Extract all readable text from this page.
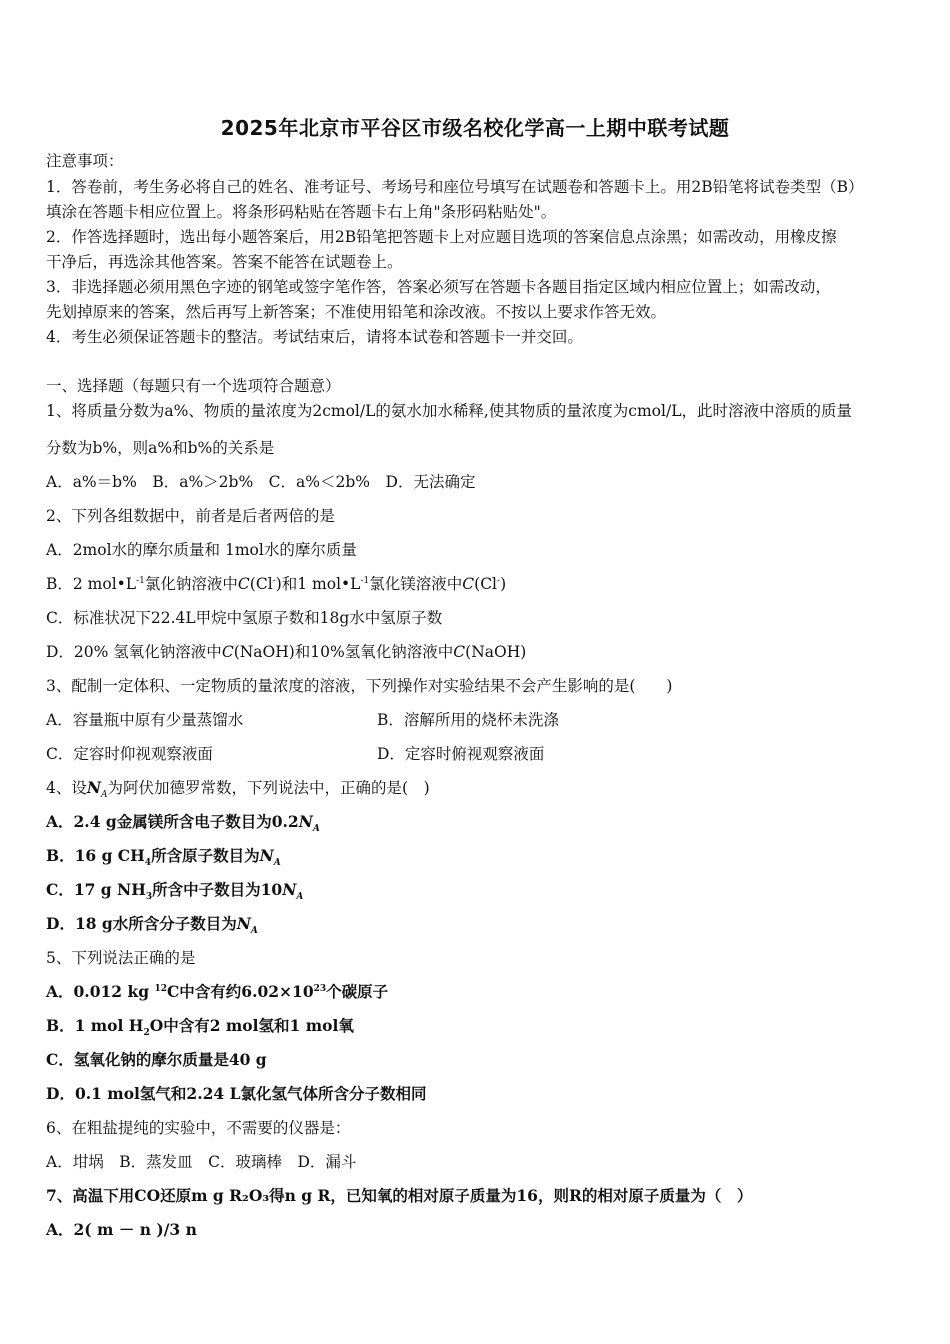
2025年北京市平谷区市级名校化学高一上期中联考试题
注意事项：
1．答卷前，考生务必将自己的姓名、准考证号、考场号和座位号填写在试题卷和答题卡上。用2B铅笔将试卷类型（B）
填涂在答题卡相应位置上。将条形码粘贴在答题卡右上角"条形码粘贴处"。
2．作答选择题时，选出每小题答案后，用2B铅笔把答题卡上对应题目选项的答案信息点涂黑；如需改动，用橡皮擦
干净后，再选涂其他答案。答案不能答在试题卷上。
3．非选择题必须用黑色字迹的钢笔或签字笔作答，答案必须写在答题卡各题目指定区域内相应位置上；如需改动，
先划掉原来的答案，然后再写上新答案；不准使用铅笔和涂改液。不按以上要求作答无效。
4．考生必须保证答题卡的整洁。考试结束后，请将本试卷和答题卡一并交回。
一、选择题（每题只有一个选项符合题意）
1、将质量分数为a%、物质的量浓度为2cmol/L的氨水加水稀释,使其物质的量浓度为cmol/L，此时溶液中溶质的质量
分数为b%，则a%和b%的关系是
A．a%＝b%　B．a%＞2b%　C．a%＜2b%　D．无法确定
2、下列各组数据中，前者是后者两倍的是
A．2mol水的摩尔质量和 1mol水的摩尔质量
B．2 $mol•L^{-1}$氯化钠溶液中C(Cl-)和1 $mol•L^{-1}$氯化镁溶液中C(Cl-)
C．标准状况下22.4L甲烷中氢原子数和18g水中氢原子数
D．20% 氢氧化钠溶液中C(NaOH)和10%氢氧化钠溶液中C(NaOH)
3、配制一定体积、一定物质的量浓度的溶液，下列操作对实验结果不会产生影响的是(　　)
A．容量瓶中原有少量蒸馏水	B．溶解所用的烧杯未洗涤
C．定容时仰视观察液面	D．定容时俯视观察液面
4、设$N_A$为阿伏加德罗常数，下列说法中，正确的是(　)
A．2.4 g金属镁所含电子数目为$0.2N_A$
B．16 g $CH_4$所含原子数目为$N_A$
C．17 g $NH_3$所含中子数目为$10N_A$
D．18 g水所含分子数目为$N_A$
5、下列说法正确的是
A．0.012 kg $^{12}$C中含有约$6.02\times 10^{23}$个碳原子
B．1 mol $H_2O$中含有2 mol氢和1 mol氧
C．氢氧化钠的摩尔质量是40 g
D．0.1 mol氢气和2.24 L氯化氢气体所含分子数相同
6、在粗盐提纯的实验中，不需要的仪器是：
A．坩埚　B．蒸发皿　C．玻璃棒　D．漏斗
7、高温下用CO还原m g R₂O₃得n g R，已知氧的相对原子质量为16，则R的相对原子质量为（　）
A．2( m － n )/3 n
